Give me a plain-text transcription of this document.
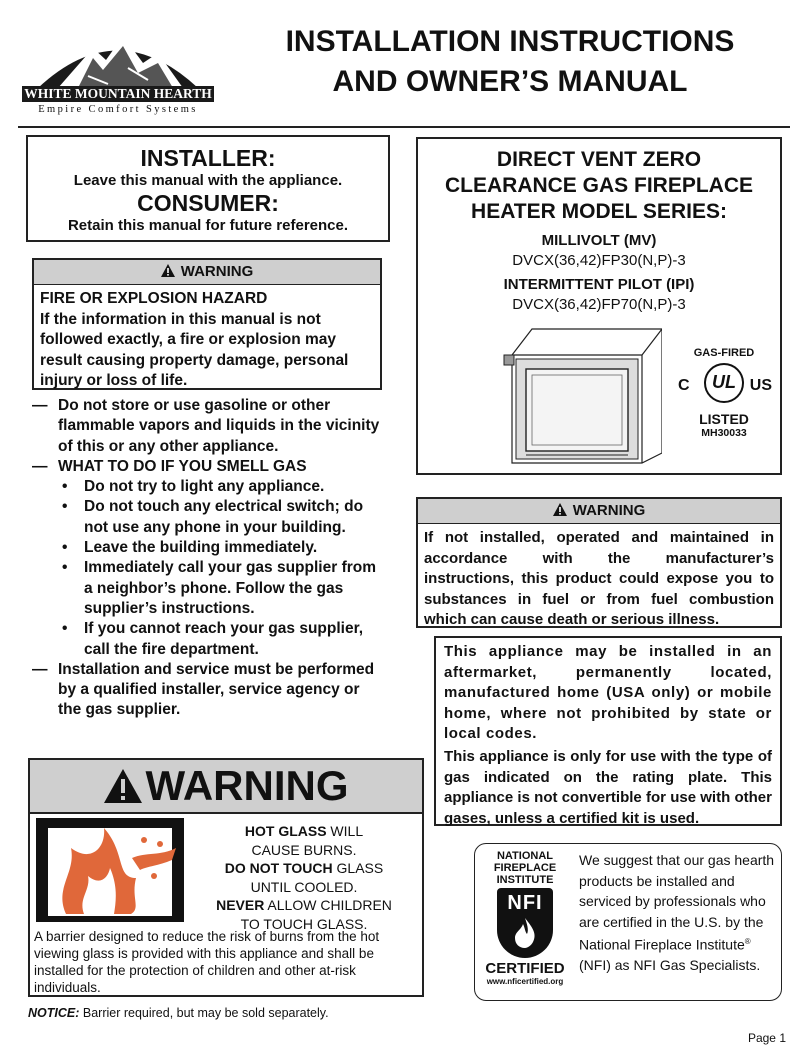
WHITE MOUNTAIN HEARTH
Empire Comfort Systems
INSTALLATION INSTRUCTIONS
AND OWNER’S MANUAL
INSTALLER:
Leave this manual with the appliance.
CONSUMER:
Retain this manual for future reference.
WARNING
FIRE OR EXPLOSION HAZARD
If the information in this manual is not followed exactly, a fire or explosion may result causing property damage, personal injury or loss of life.
— Do not store or use gasoline or other flammable vapors and liquids in the vicinity of this or any other appliance.
— WHAT TO DO IF YOU SMELL GAS
• Do not try to light any appliance.
• Do not touch any electrical switch; do not use any phone in your building.
• Leave the building immediately.
• Immediately call your gas supplier from a neighbor’s phone. Follow the gas supplier’s instructions.
• If you cannot reach your gas supplier, call the fire department.
— Installation and service must be performed by a qualified installer, service agency or the gas supplier.
DIRECT VENT ZERO CLEARANCE GAS FIREPLACE HEATER MODEL SERIES:
MILLIVOLT (MV)
DVCX(36,42)FP30(N,P)-3
INTERMITTENT PILOT (IPI)
DVCX(36,42)FP70(N,P)-3
GAS-FIRED
C	UL US
LISTED
MH30033
WARNING
If not installed, operated and maintained in accordance with the manufacturer’s instructions, this product could expose you to substances in fuel or from fuel combustion which can cause death or serious illness.
This appliance may be installed in an aftermarket, permanently located, manufactured home (USA only) or mobile home, where not prohibited by state or local codes.
This appliance is only for use with the type of gas indicated on the rating plate. This appliance is not convertible for use with other gases, unless a certified kit is used.
WARNING
HOT GLASS WILL
CAUSE BURNS.
DO NOT TOUCH GLASS
UNTIL COOLED.
NEVER ALLOW CHILDREN
TO TOUCH GLASS.
A barrier designed to reduce the risk of burns from the hot viewing glass is provided with this appliance and shall be installed for the protection of children and other at-risk individuals.
NATIONAL
FIREPLACE
INSTITUTE
NFI
CERTIFIED
www.nficertified.org
We suggest that our gas hearth products be installed and serviced by professionals who are certified in the U.S. by the National Fireplace Institute® (NFI) as NFI Gas Specialists.
NOTICE: Barrier required, but may be sold separately.
Page 1
